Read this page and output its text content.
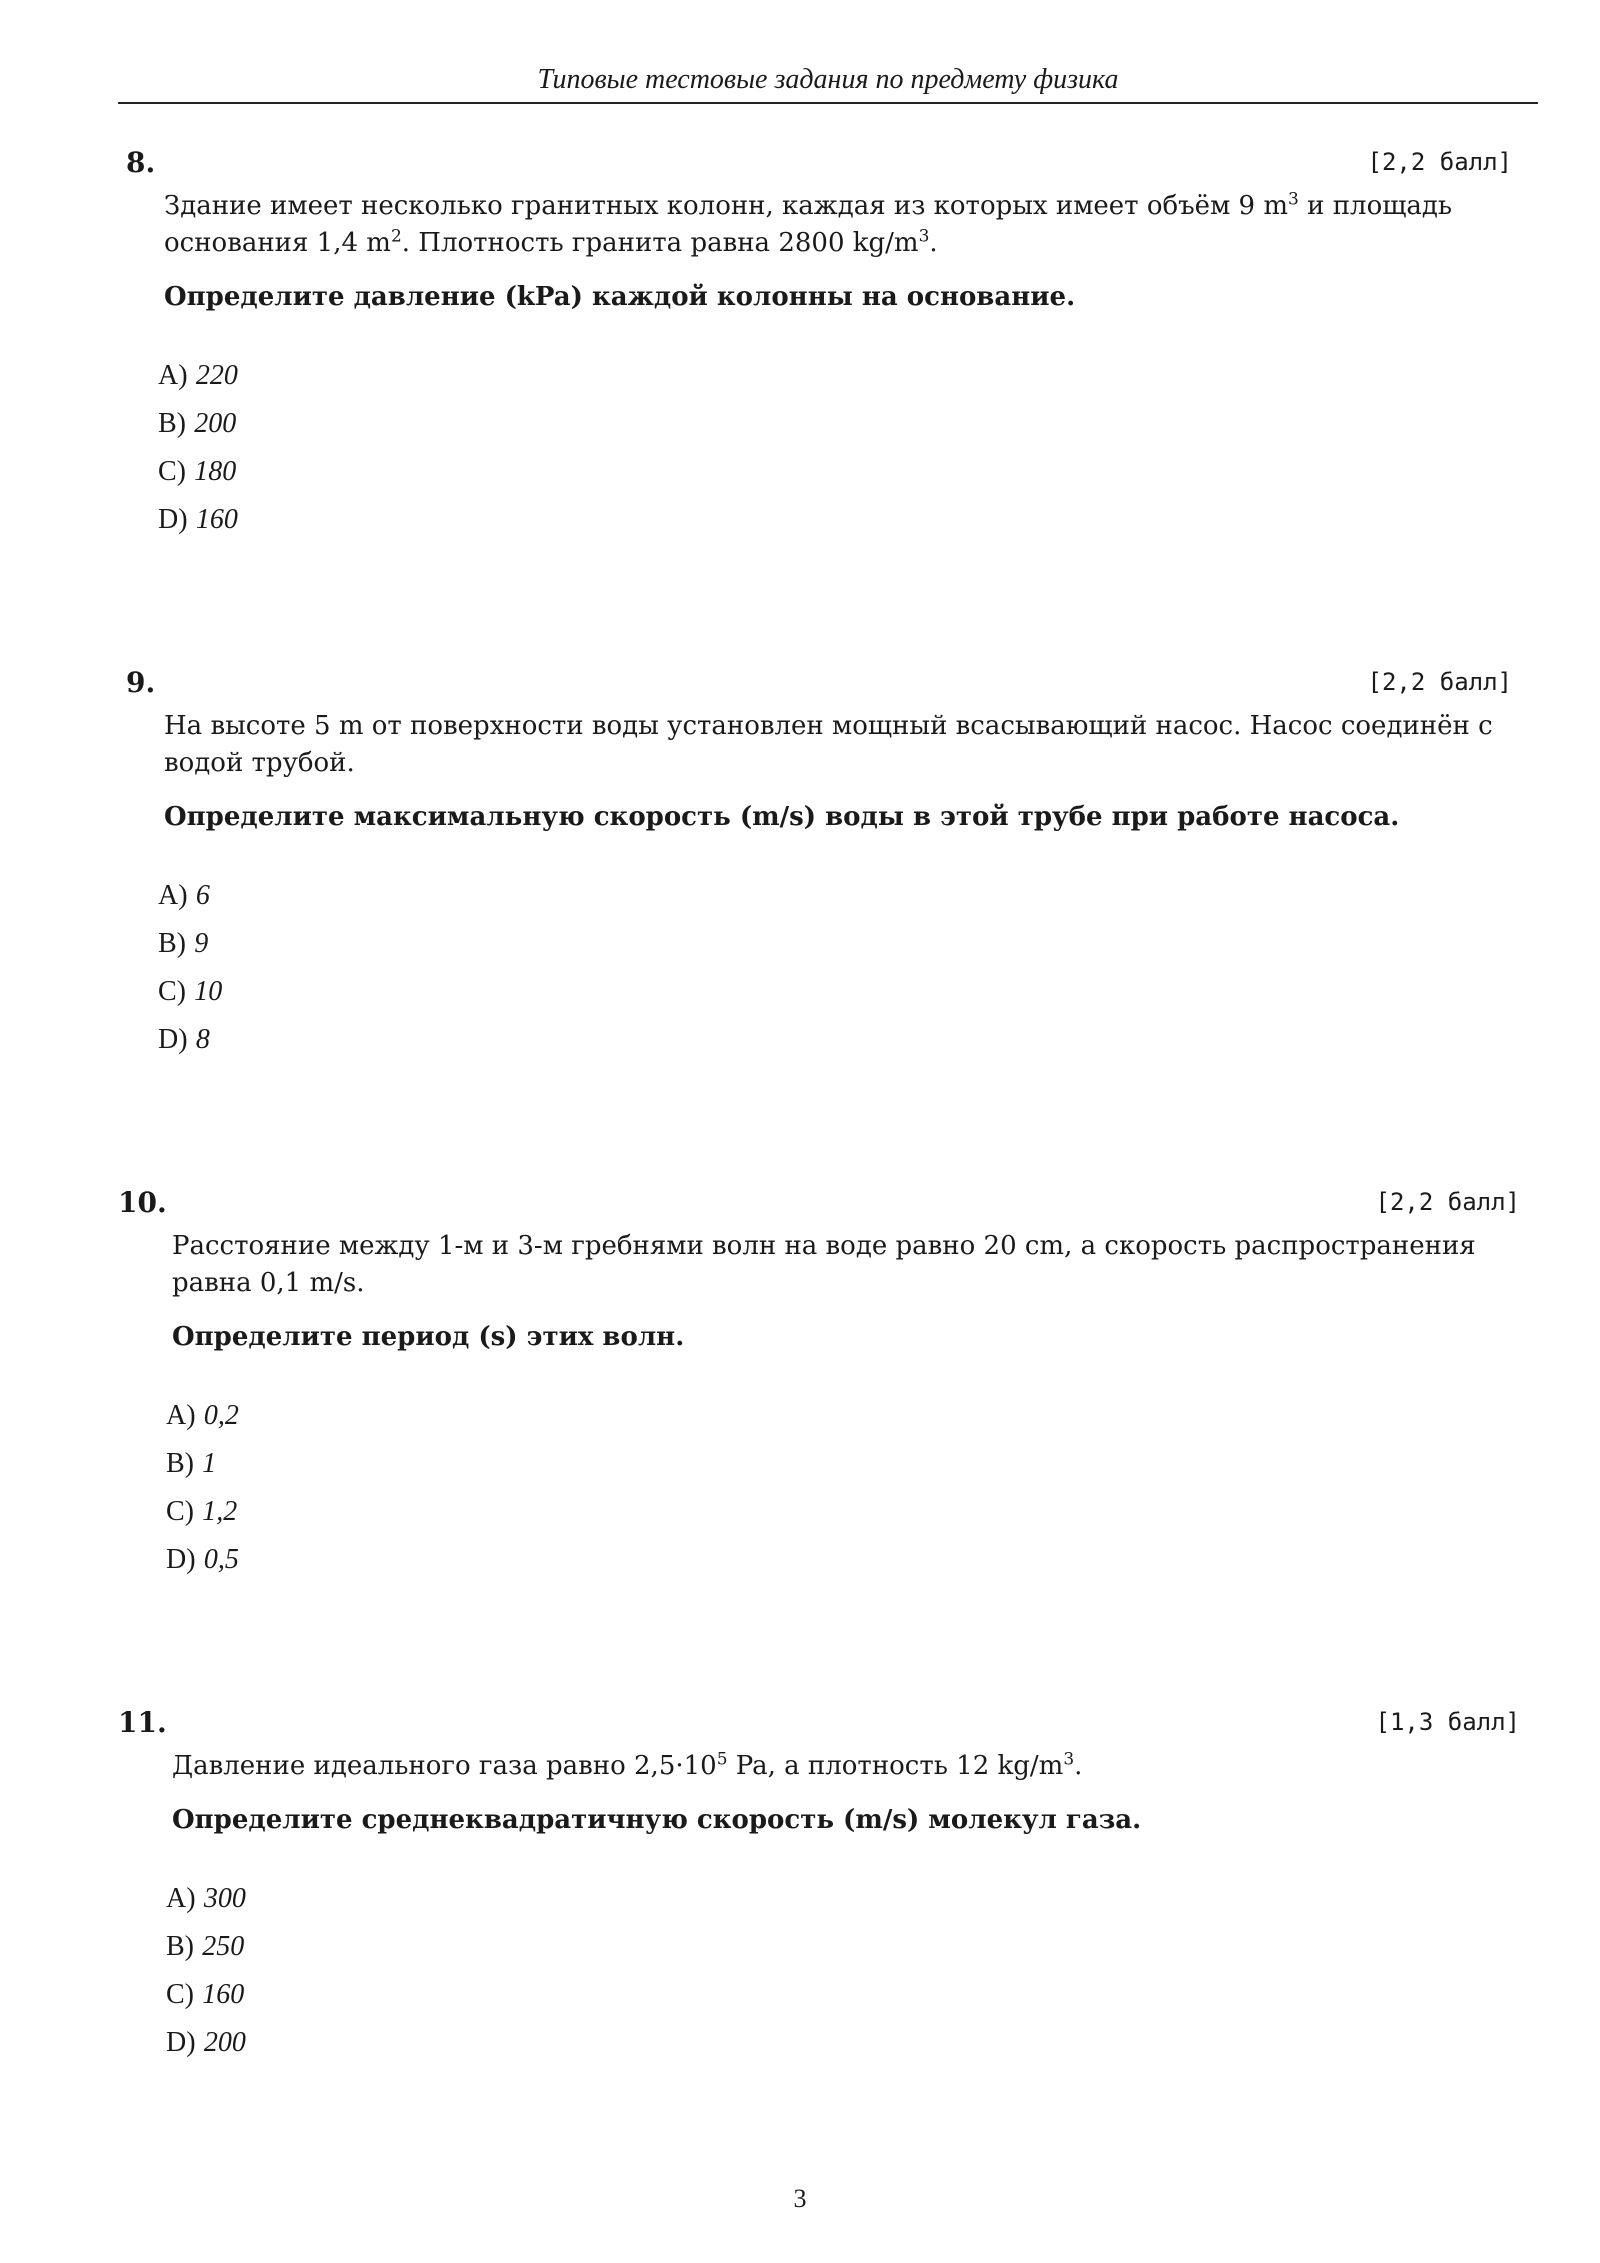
Типовые тестовые задания по предмету физика
8.	[2,2 балл]

Здание имеет несколько гранитных колонн, каждая из которых имеет объём 9 $m^3$ и площадь основания 1,4 $m^2$. Плотность гранита равна 2800 $kg/m^3$.

Определите давление (kPa) каждой колонны на основание.

A) 220
B) 200
C) 180
D) 160
9.	[2,2 балл]

На высоте 5 m от поверхности воды установлен мощный всасывающий насос. Насос соединён с водой трубой.

Определите максимальную скорость (m/s) воды в этой трубе при работе насоса.

A) 6
B) 9
C) 10
D) 8
10.	[2,2 балл]

Расстояние между 1-м и 3-м гребнями волн на воде равно 20 cm, а скорость распространения равна 0,1 m/s.

Определите период (s) этих волн.

A) 0,2
B) 1
C) 1,2
D) 0,5
11.	[1,3 балл]

Давление идеального газа равно $2,5\cdot 10^5$ Pa, а плотность 12 $kg/m^3$.

Определите среднеквадратичную скорость (m/s) молекул газа.

A) 300
B) 250
C) 160
D) 200
3
